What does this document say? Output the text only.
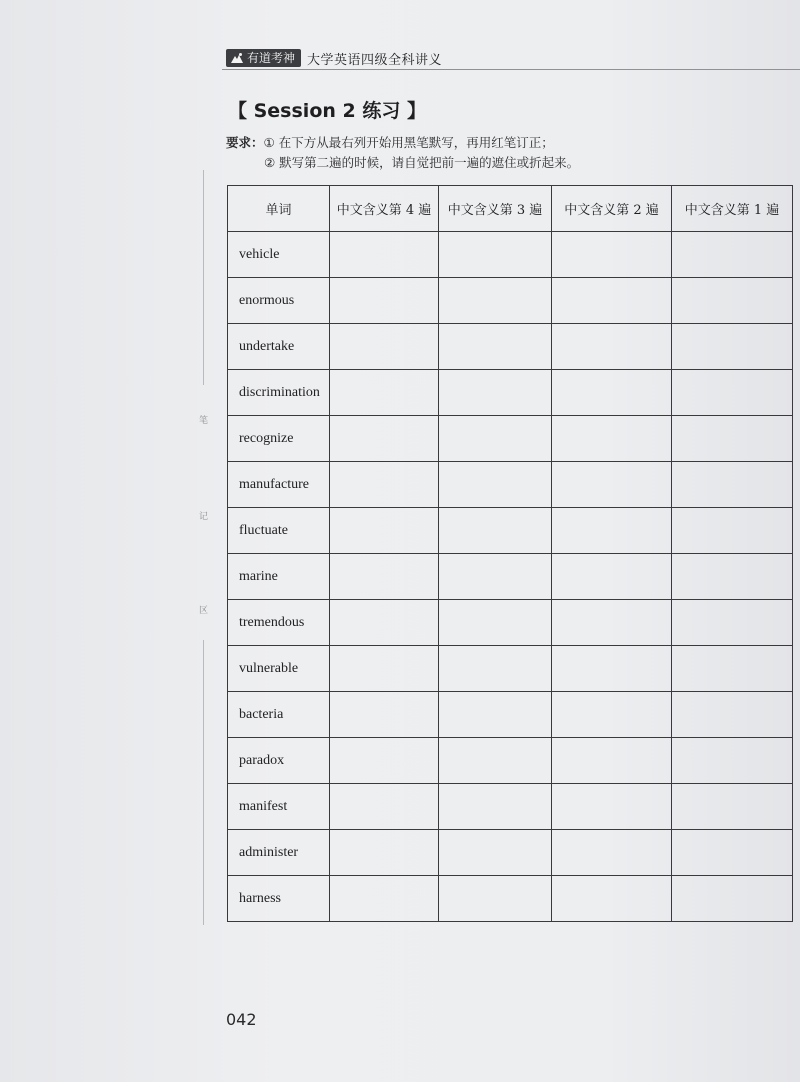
有道考神 大学英语四级全科讲义
【 Session 2 练习 】
要求：① 在下方从最右列开始用黑笔默写，再用红笔订正；
② 默写第二遍的时候，请自觉把前一遍的遮住或折起来。
笔
记
区
单词	中文含义第 4 遍	中文含义第 3 遍	中文含义第 2 遍	中文含义第 1 遍
vehicle				
enormous				
undertake				
discrimination				
recognize				
manufacture				
fluctuate				
marine				
tremendous				
vulnerable				
bacteria				
paradox				
manifest				
administer				
harness				
042
